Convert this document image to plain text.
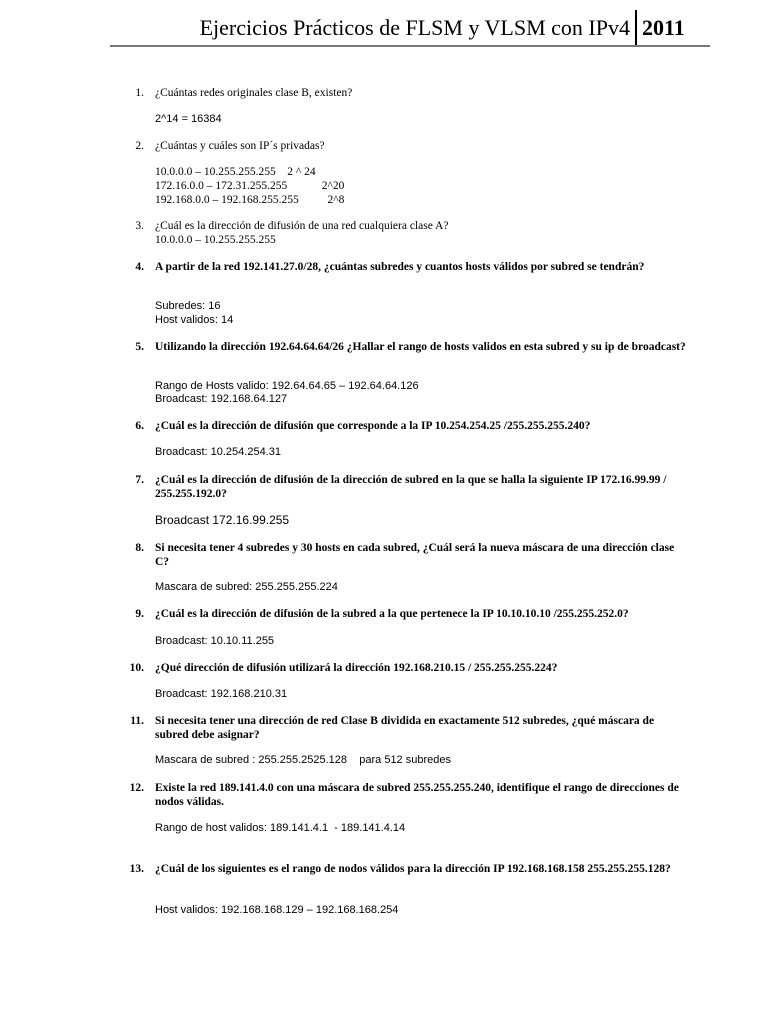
Ejercicios Prácticos de FLSM y VLSM con IPv4 2011
1. ¿Cuántas redes originales clase B, existen?
2^14 = 16384
2. ¿Cuántas y cuáles son IP´s privadas?
10.0.0.0 – 10.255.255.255    2 ^ 24
172.16.0.0 – 172.31.255.255            2^20
192.168.0.0 – 192.168.255.255          2^8
3. ¿Cuál es la dirección de difusión de una red cualquiera clase A?
10.0.0.0 – 10.255.255.255
4. A partir de la red 192.141.27.0/28, ¿cuántas subredes y cuantos hosts válidos por subred se tendrán?
Subredes: 16
Host validos: 14
5. Utilizando la dirección 192.64.64.64/26 ¿Hallar el rango de hosts validos en esta subred y su ip de broadcast?
Rango de Hosts valido: 192.64.64.65 – 192.64.64.126
Broadcast: 192.168.64.127
6. ¿Cuál es la dirección de difusión que corresponde a la IP 10.254.254.25 /255.255.255.240?
Broadcast: 10.254.254.31
7. ¿Cuál es la dirección de difusión de la dirección de subred en la que se halla la siguiente IP 172.16.99.99 / 255.255.192.0?
Broadcast 172.16.99.255
8. Si necesita tener 4 subredes y 30 hosts en cada subred, ¿Cuál será la nueva máscara de una dirección clase C?
Mascara de subred: 255.255.255.224
9. ¿Cuál es la dirección de difusión de la subred a la que pertenece la IP 10.10.10.10 /255.255.252.0?
Broadcast: 10.10.11.255
10. ¿Qué dirección de difusión utilizará la dirección 192.168.210.15 / 255.255.255.224?
Broadcast: 192.168.210.31
11. Si necesita tener una dirección de red Clase B dividida en exactamente 512 subredes, ¿qué máscara de subred debe asignar?
Mascara de subred : 255.255.2525.128    para 512 subredes
12. Existe la red 189.141.4.0 con una máscara de subred 255.255.255.240, identifique el rango de direcciones de nodos válidas.
Rango de host validos: 189.141.4.1  - 189.141.4.14
13. ¿Cuál de los siguientes es el rango de nodos válidos para la dirección IP 192.168.168.158 255.255.255.128?
Host validos: 192.168.168.129 – 192.168.168.254
